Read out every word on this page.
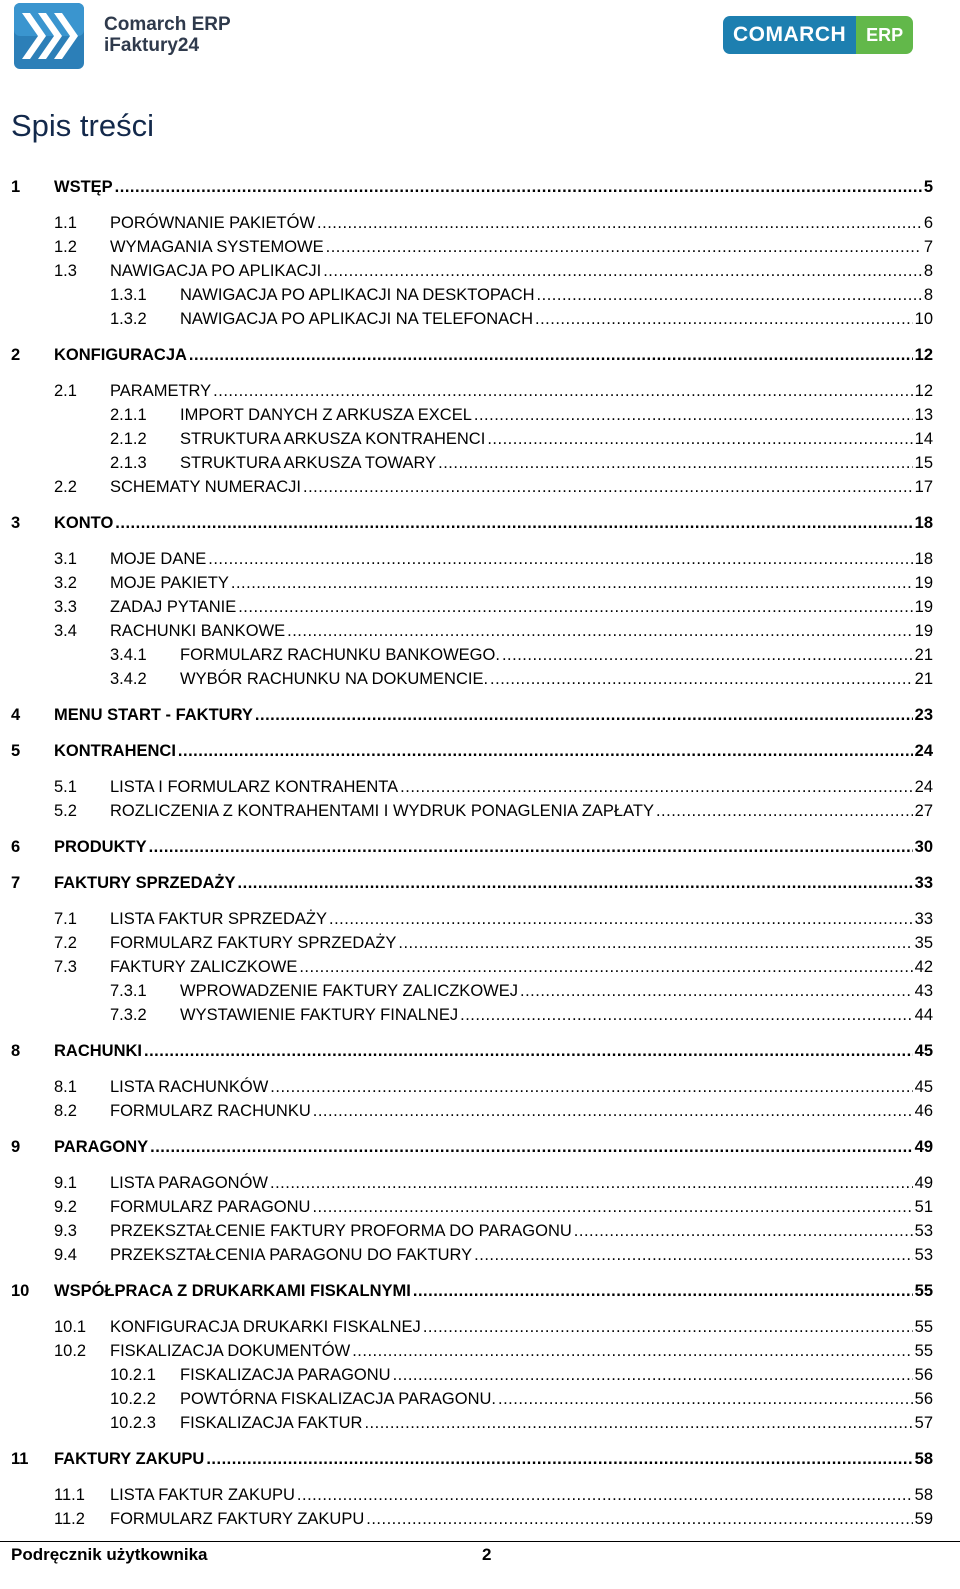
Comarch ERP
iFaktury24	COMARCH	ERP
Spis treści
1 WSTĘP .....	5
1.1 PORÓWNANIE PAKIETÓW .....	6
1.2 WYMAGANIA SYSTEMOWE .....	7
1.3 NAWIGACJA PO APLIKACJI .....	8
1.3.1 NAWIGACJA PO APLIKACJI NA DESKTOPACH .....	8
1.3.2 NAWIGACJA PO APLIKACJI NA TELEFONACH .....	10
2 KONFIGURACJA .....	12
2.1 PARAMETRY .....	12
2.1.1 IMPORT DANYCH Z ARKUSZA EXCEL .....	13
2.1.2 STRUKTURA ARKUSZA KONTRAHENCI .....	14
2.1.3 STRUKTURA ARKUSZA TOWARY .....	15
2.2 SCHEMATY NUMERACJI .....	17
3 KONTO .....	18
3.1 MOJE DANE .....	18
3.2 MOJE PAKIETY .....	19
3.3 ZADAJ PYTANIE .....	19
3.4 RACHUNKI BANKOWE .....	19
3.4.1 FORMULARZ RACHUNKU BANKOWEGO. .....	21
3.4.2 WYBÓR RACHUNKU NA DOKUMENCIE. .....	21
4 MENU START - FAKTURY .....	23
5 KONTRAHENCI .....	24
5.1 LISTA I FORMULARZ KONTRAHENTA .....	24
5.2 ROZLICZENIA Z KONTRAHENTAMI I WYDRUK PONAGLENIA ZAPŁATY .....	27
6 PRODUKTY .....	30
7 FAKTURY SPRZEDAŻY .....	33
7.1 LISTA FAKTUR SPRZEDAŻY .....	33
7.2 FORMULARZ FAKTURY SPRZEDAŻY .....	35
7.3 FAKTURY ZALICZKOWE .....	42
7.3.1 WPROWADZENIE FAKTURY ZALICZKOWEJ .....	43
7.3.2 WYSTAWIENIE FAKTURY FINALNEJ .....	44
8 RACHUNKI .....	45
8.1 LISTA RACHUNKÓW .....	45
8.2 FORMULARZ RACHUNKU .....	46
9 PARAGONY .....	49
9.1 LISTA PARAGONÓW .....	49
9.2 FORMULARZ PARAGONU .....	51
9.3 PRZEKSZTAŁCENIE FAKTURY PROFORMA DO PARAGONU .....	53
9.4 PRZEKSZTAŁCENIA PARAGONU DO FAKTURY .....	53
10 WSPÓŁPRACA Z DRUKARKAMI FISKALNYMI .....	55
10.1 KONFIGURACJA DRUKARKI FISKALNEJ .....	55
10.2 FISKALIZACJA DOKUMENTÓW .....	55
10.2.1 FISKALIZACJA PARAGONU .....	56
10.2.2 POWTÓRNA FISKALIZACJA PARAGONU. .....	56
10.2.3 FISKALIZACJA FAKTUR .....	57
11 FAKTURY ZAKUPU .....	58
11.1 LISTA FAKTUR ZAKUPU .....	58
11.2 FORMULARZ FAKTURY ZAKUPU .....	59
Podręcznik użytkownika	2
